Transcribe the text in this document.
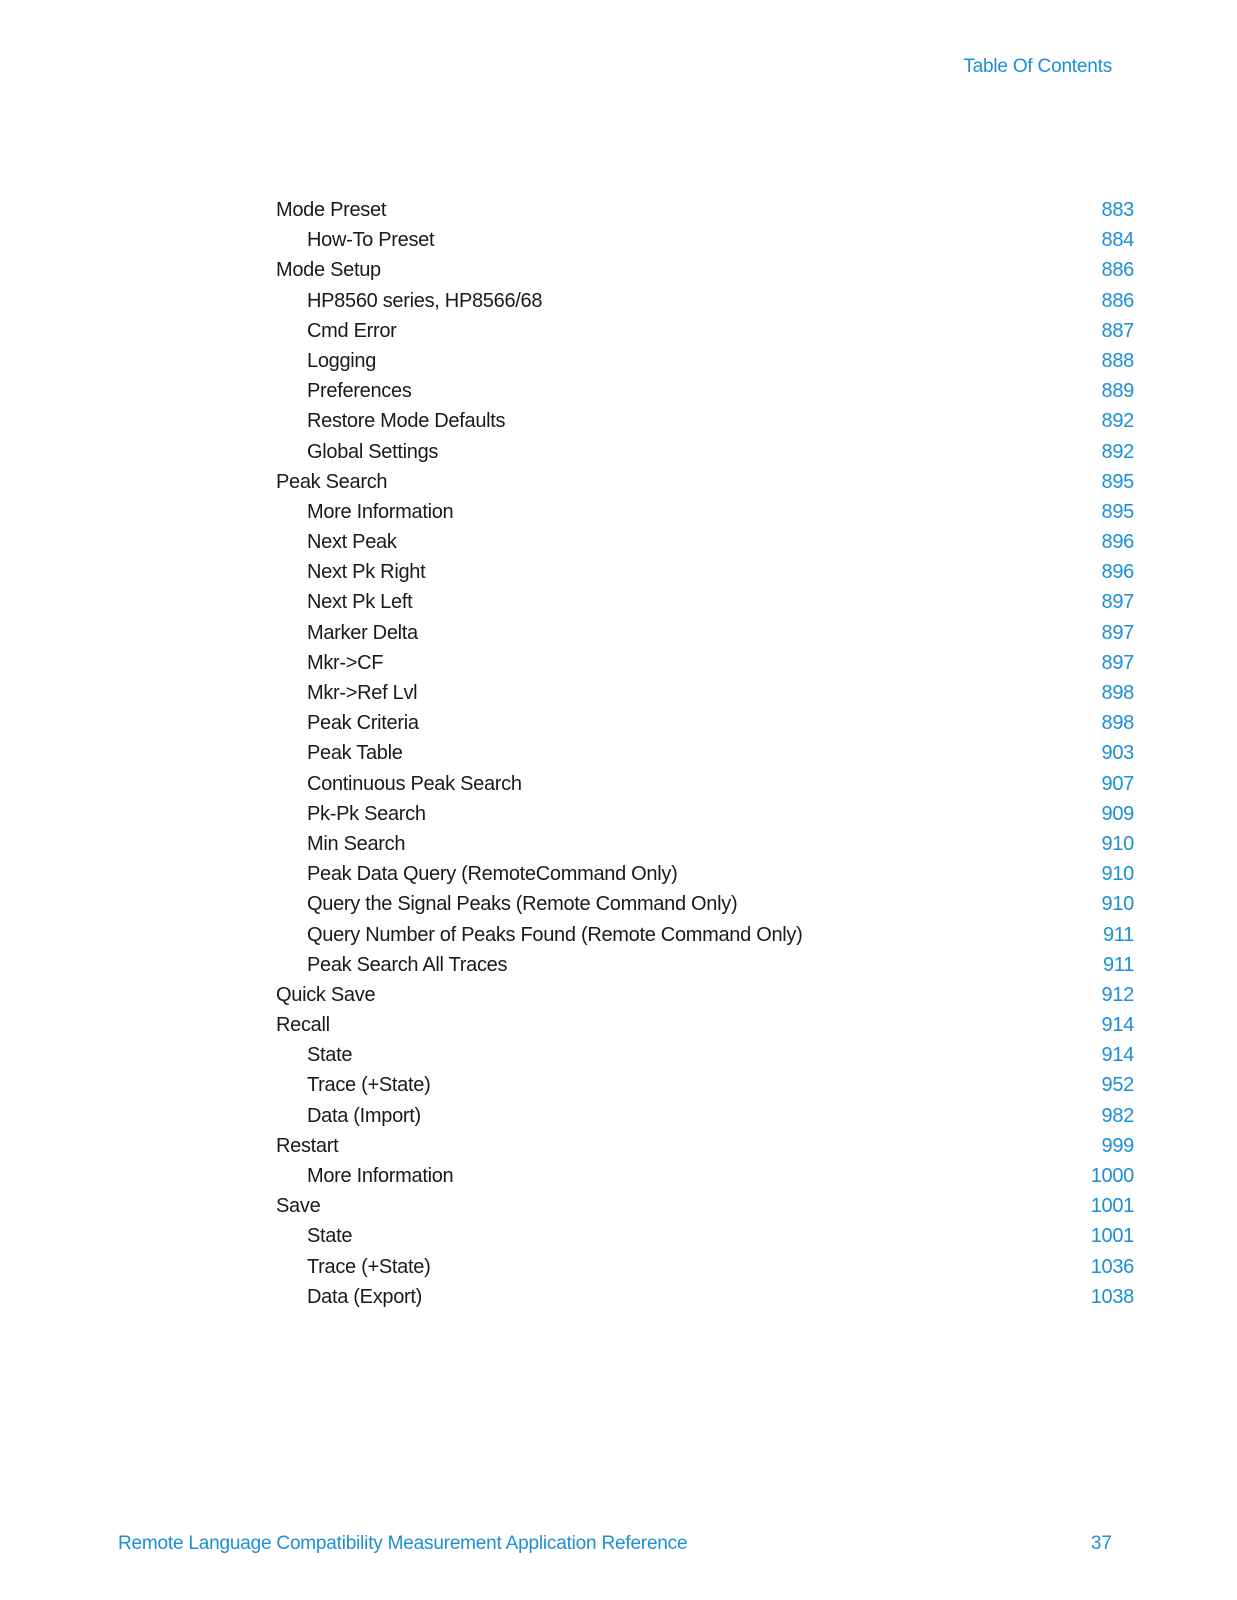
Table Of Contents
Mode Preset	883
How-To Preset	884
Mode Setup	886
HP8560 series, HP8566/68	886
Cmd Error	887
Logging	888
Preferences	889
Restore Mode Defaults	892
Global Settings	892
Peak Search	895
More Information	895
Next Peak	896
Next Pk Right	896
Next Pk Left	897
Marker Delta	897
Mkr->CF	897
Mkr->Ref Lvl	898
Peak Criteria	898
Peak Table	903
Continuous Peak Search	907
Pk-Pk Search	909
Min Search	910
Peak Data Query (RemoteCommand Only)	910
Query the Signal Peaks (Remote Command Only)	910
Query Number of Peaks Found (Remote Command Only)	911
Peak Search All Traces	911
Quick Save	912
Recall	914
State	914
Trace (+State)	952
Data (Import)	982
Restart	999
More Information	1000
Save	1001
State	1001
Trace (+State)	1036
Data (Export)	1038
Remote Language Compatibility Measurement Application Reference	37
